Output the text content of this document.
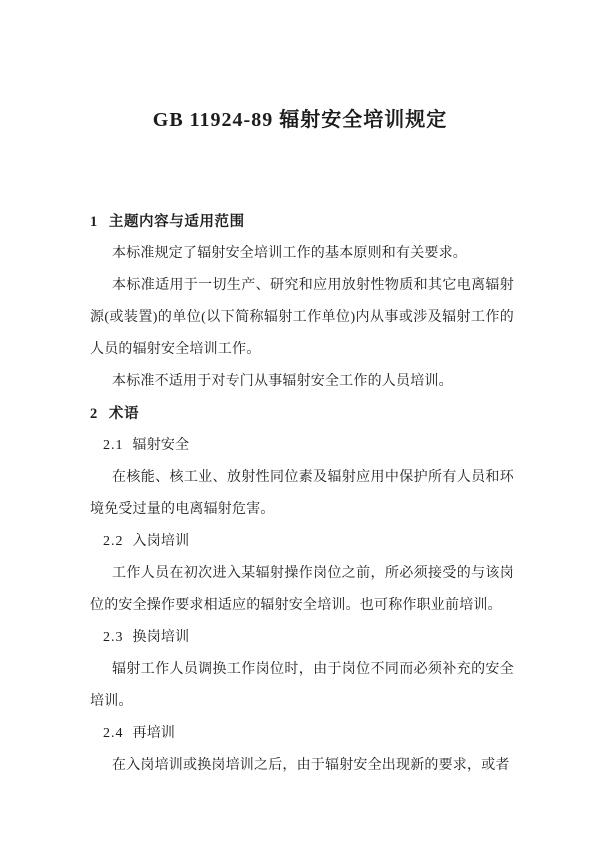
GB 11924-89 辐射安全培训规定
1 主题内容与适用范围

本标准规定了辐射安全培训工作的基本原则和有关要求。

本标准适用于一切生产、研究和应用放射性物质和其它电离辐射源(或装置)的单位(以下简称辐射工作单位)内从事或涉及辐射工作的人员的辐射安全培训工作。

本标准不适用于对专门从事辐射安全工作的人员培训。

2 术语
2.1 辐射安全

在核能、核工业、放射性同位素及辐射应用中保护所有人员和环境免受过量的电离辐射危害。

2.2 入岗培训

工作人员在初次进入某辐射操作岗位之前，所必须接受的与该岗位的安全操作要求相适应的辐射安全培训。也可称作职业前培训。

2.3 换岗培训

辐射工作人员调换工作岗位时，由于岗位不同而必须补充的安全培训。

2.4 再培训

在入岗培训或换岗培训之后，由于辐射安全出现新的要求，或者
